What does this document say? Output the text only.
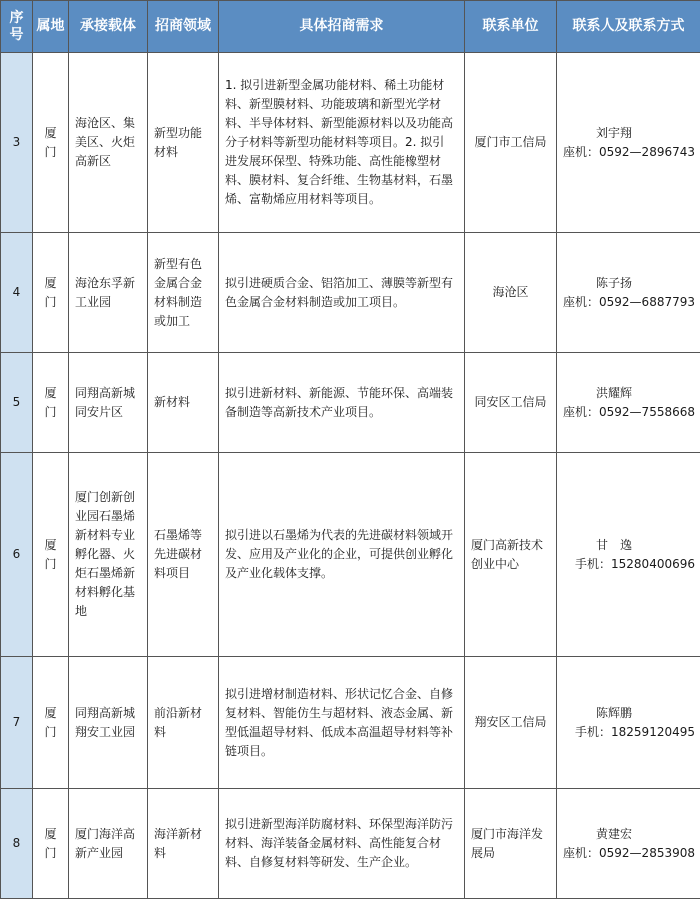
序号	属地	承接载体	招商领域	具体招商需求	联系单位	联系人及联系方式
3	厦门	海沧区、集美区、火炬高新区	新型功能材料	1. 拟引进新型金属功能材料、稀土功能材料、新型膜材料、功能玻璃和新型光学材料、半导体材料、新型能源材料以及功能高分子材料等新型功能材料等项目。2. 拟引进发展环保型、特殊功能、高性能橡塑材料、膜材料、复合纤维、生物基材料，石墨烯、富勒烯应用材料等项目。	厦门市工信局	刘宇翔
座机：0592—2896743

4	厦门	海沧东孚新工业园	新型有色金属合金材料制造或加工	拟引进硬质合金、铝箔加工、薄膜等新型有色金属合金材料制造或加工项目。	海沧区	陈子扬
座机：0592—6887793

5	厦门	同翔高新城同安片区	新材料	拟引进新材料、新能源、节能环保、高端装备制造等高新技术产业项目。	同安区工信局	洪耀辉
座机：0592—7558668

6	厦门	厦门创新创业园石墨烯新材料专业孵化器、火炬石墨烯新材料孵化基地	石墨烯等先进碳材料项目	拟引进以石墨烯为代表的先进碳材料领域开发、应用及产业化的企业，可提供创业孵化及产业化载体支撑。	厦门高新技术创业中心	甘　逸
手机：15280400696

7	厦门	同翔高新城翔安工业园	前沿新材料	拟引进增材制造材料、形状记忆合金、自修复材料、智能仿生与超材料、液态金属、新型低温超导材料、低成本高温超导材料等补链项目。	翔安区工信局	陈辉鹏
手机：18259120495

8	厦门	厦门海洋高新产业园	海洋新材料	拟引进新型海洋防腐材料、环保型海洋防污材料、海洋装备金属材料、高性能复合材料、自修复材料等研发、生产企业。	厦门市海洋发展局	黄建宏
座机：0592—2853908
